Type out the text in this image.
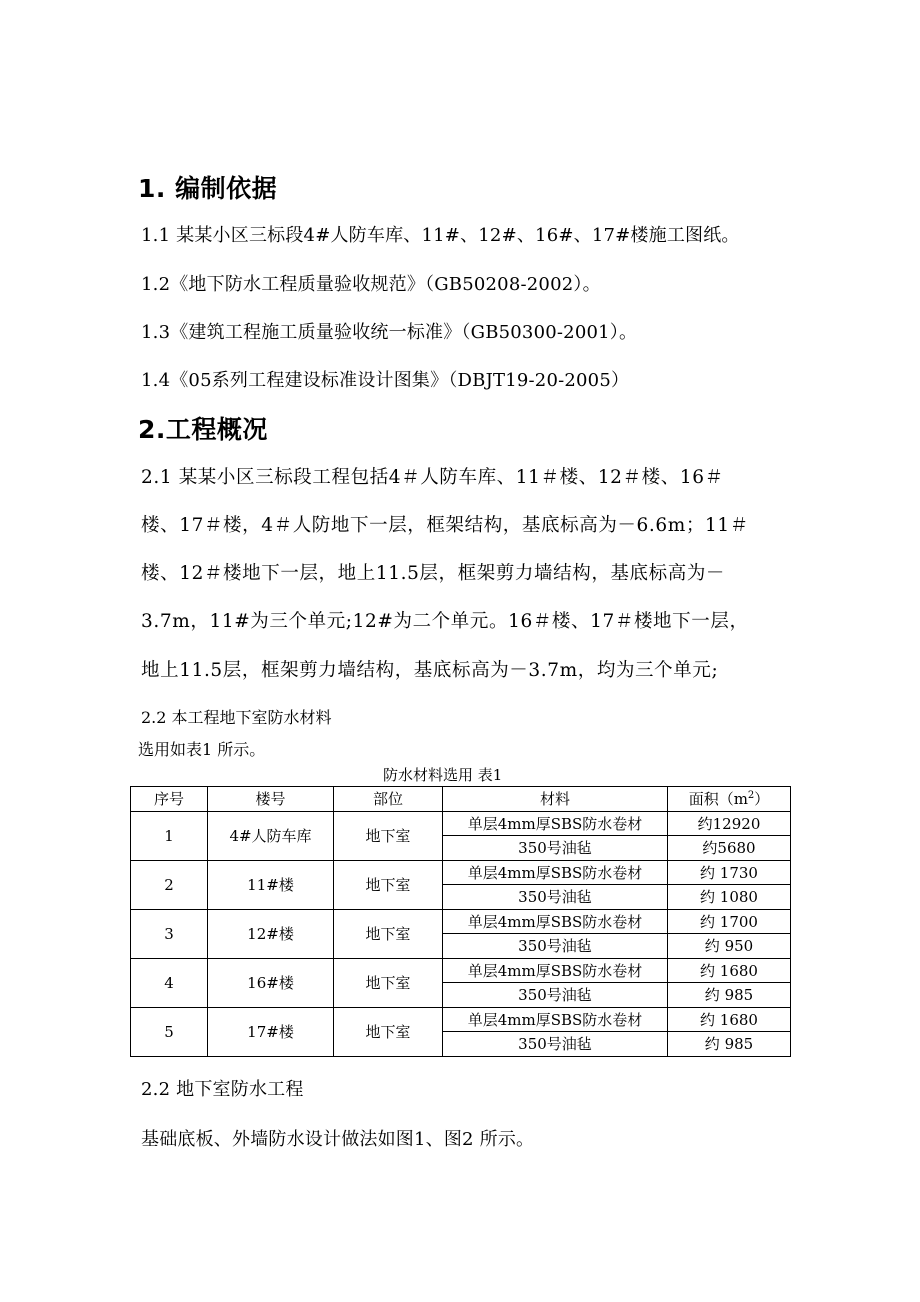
1. 编制依据
1.1 某某小区三标段4#人防车库、11#、12#、16#、17#楼施工图纸。
1.2《地下防水工程质量验收规范》（GB50208-2002）。
1.3《建筑工程施工质量验收统一标准》（GB50300-2001）。
1.4《05系列工程建设标准设计图集》（DBJT19-20-2005）
2.工程概况
2.1 某某小区三标段工程包括4＃人防车库、11＃楼、12＃楼、16＃
楼、17＃楼，4＃人防地下一层，框架结构，基底标高为－6.6m；11＃
楼、12＃楼地下一层，地上11.5层，框架剪力墙结构，基底标高为－
3.7m，11#为三个单元;12#为二个单元。16＃楼、17＃楼地下一层，
地上11.5层，框架剪力墙结构，基底标高为－3.7m，均为三个单元;
2.2 本工程地下室防水材料
选用如表1 所示。
防水材料选用 表1
序号	楼号	部位	材料	面积$(m^2)$
1	4#人防车库	地下室	单层4mm厚SBS防水卷材	约12920
			350号油毡	约5680
2	11#楼	地下室	单层4mm厚SBS防水卷材	约 1730
			350号油毡	约 1080
3	12#楼	地下室	单层4mm厚SBS防水卷材	约 1700
			350号油毡	约 950
4	16#楼	地下室	单层4mm厚SBS防水卷材	约 1680
			350号油毡	约 985
5	17#楼	地下室	单层4mm厚SBS防水卷材	约 1680
			350号油毡	约 985
2.2 地下室防水工程
基础底板、外墙防水设计做法如图1、图2 所示。
